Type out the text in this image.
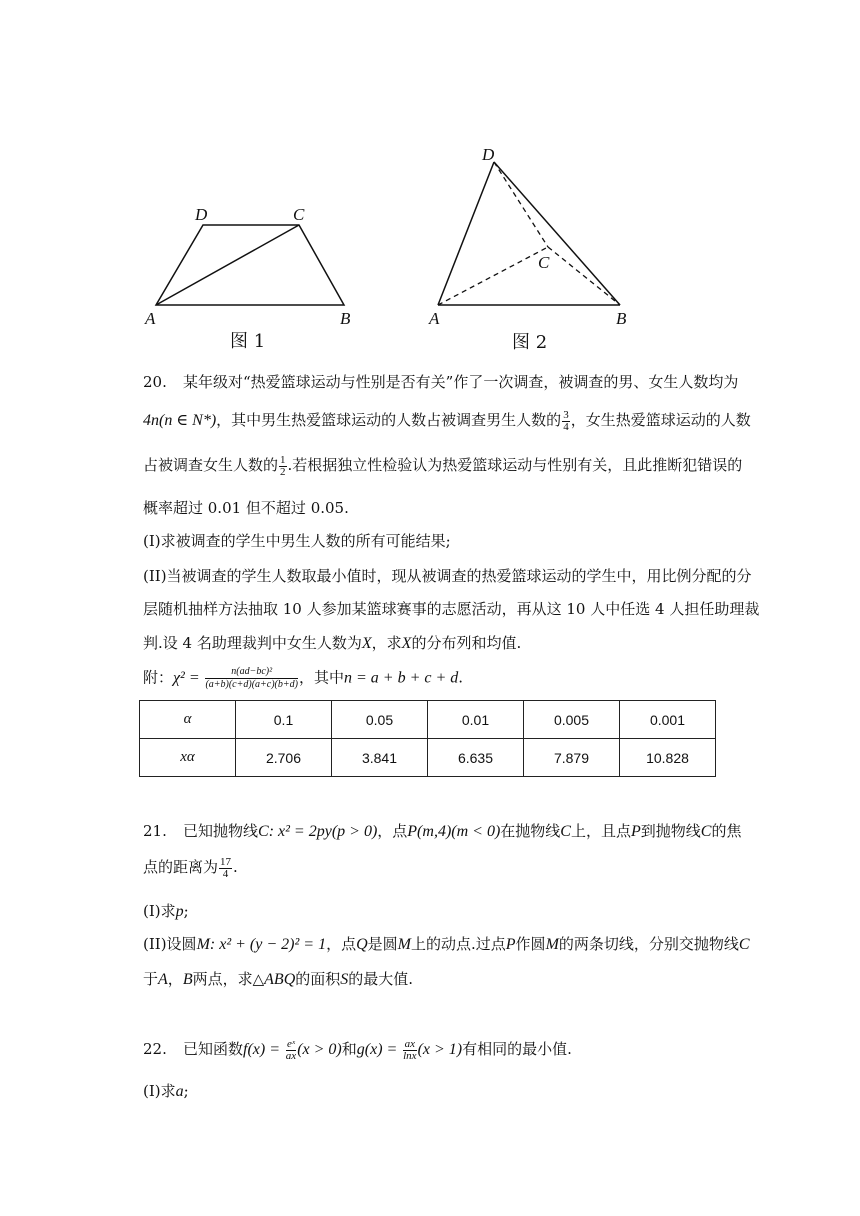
D	C
A	B
图 1
D
C
A	B
图 2
20. 某年级对“热爱篮球运动与性别是否有关”作了一次调查，被调查的男、女生人数均为
4n(n ∈ N*)，其中男生热爱篮球运动的人数占被调查男生人数的 $\frac{3}{4}$ ，女生热爱篮球运动的人数
占被调查女生人数的 $\frac{1}{2}$ .若根据独立性检验认为热爱篮球运动与性别有关，且此推断犯错误的
概率超过 0.01 但不超过 0.05.
(I)求被调查的学生中男生人数的所有可能结果;
(II)当被调查的学生人数取最小值时，现从被调查的热爱篮球运动的学生中，用比例分配的分
层随机抽样方法抽取 10 人参加某篮球赛事的志愿活动，再从这 10 人中任选 4 人担任助理裁
判.设 4 名助理裁判中女生人数为X，求X的分布列和均值.
附：$\chi^2 = \frac{\text{n(ad−bc)²}}{(a+b)(c+d)(a+c)(b+d)}$ ，其中n = a + b + c + d.
α	0.1	0.05	0.01	0.005	0.001
xα	2.706	3.841	6.635	7.879	10.828
21. 已知抛物线C: x² = 2py(p > 0)，点P(m,4)(m < 0)在抛物线C上，且点P到抛物线C的焦
点的距离为 $\frac{17}{4}$ .
(I)求p;
(II)设圆M: x² + (y − 2)² = 1，点Q是圆M上的动点.过点P作圆M的两条切线，分别交抛物线C
于A，B两点，求△ABQ的面积S的最大值.
22. 已知函数$f(x) = \frac{\text{eˣ}}{ax} (x > 0)$和$g(x) = \frac{ax}{\ln x} (x > 1)$有相同的最小值.
(I)求a;
